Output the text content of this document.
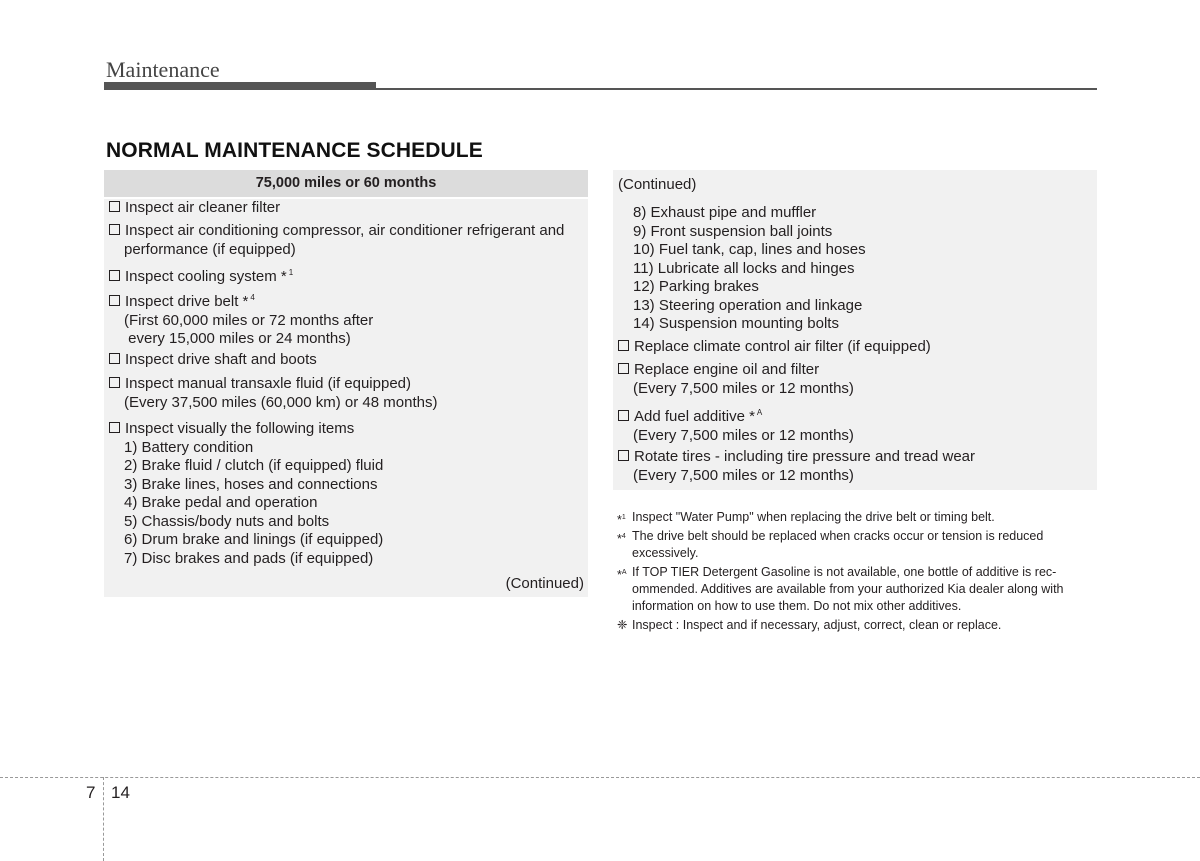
Maintenance
NORMAL MAINTENANCE SCHEDULE
75,000 miles or 60 months
Inspect air cleaner filter
Inspect air conditioning compressor, air conditioner refrigerant and
performance (if equipped)
Inspect cooling system * $^1$
Inspect drive belt * $^4$
(First 60,000 miles or 72 months after
every 15,000 miles or 24 months)
Inspect drive shaft and boots
Inspect manual transaxle fluid (if equipped)
(Every 37,500 miles (60,000 km) or 48 months)
Inspect visually the following items
1) Battery condition
2) Brake fluid / clutch (if equipped) fluid
3) Brake lines, hoses and connections
4) Brake pedal and operation
5) Chassis/body nuts and bolts
6) Drum brake and linings (if equipped)
7) Disc brakes and pads (if equipped)
(Continued)
(Continued)
8) Exhaust pipe and muffler
9) Front suspension ball joints
10) Fuel tank, cap, lines and hoses
11) Lubricate all locks and hinges
12) Parking brakes
13) Steering operation and linkage
14) Suspension mounting bolts
Replace climate control air filter (if equipped)
Replace engine oil and filter
(Every 7,500 miles or 12 months)
Add fuel additive * $^A$
(Every 7,500 miles or 12 months)
Rotate tires - including tire pressure and tread wear
(Every 7,500 miles or 12 months)
*$^1$ Inspect "Water Pump" when replacing the drive belt or timing belt.
*$^4$ The drive belt should be replaced when cracks occur or tension is reduced excessively.
*$^A$ If TOP TIER Detergent Gasoline is not available, one bottle of additive is rec-ommended. Additives are available from your authorized Kia dealer along with information on how to use them. Do not mix other additives.
❈ Inspect : Inspect and if necessary, adjust, correct, clean or replace.
7 14
